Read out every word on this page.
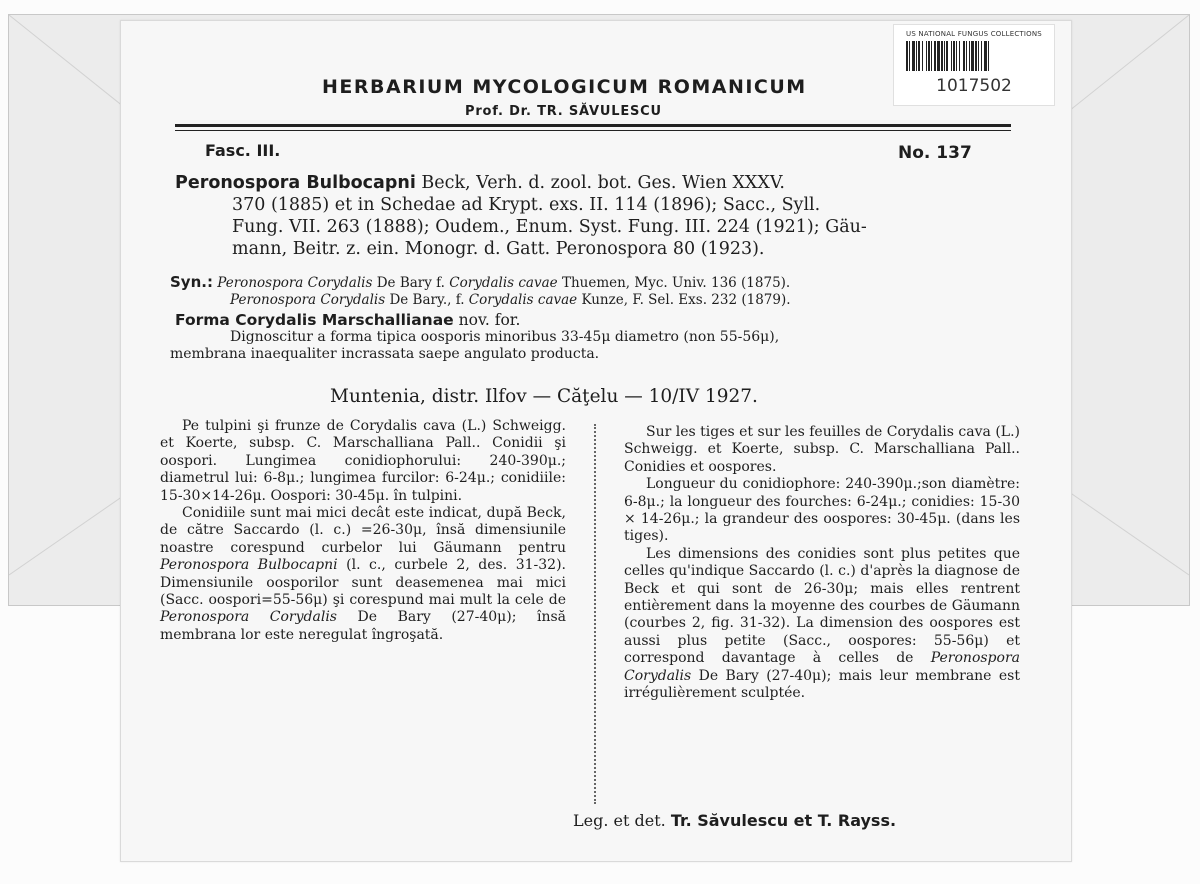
US NATIONAL FUNGUS COLLECTIONS
1017502
HERBARIUM MYCOLOGICUM ROMANICUM
Prof. Dr. TR. SĂVULESCU
Fasc. III.	No. 137
Peronospora Bulbocapni Beck, Verh. d. zool. bot. Ges. Wien XXXV.
370 (1885) et in Schedae ad Krypt. exs. II. 114 (1896); Sacc., Syll.
Fung. VII. 263 (1888); Oudem., Enum. Syst. Fung. III. 224 (1921); Gäu-
mann, Beitr. z. ein. Monogr. d. Gatt. Peronospora 80 (1923).
Syn.: Peronospora Corydalis De Bary f. Corydalis cavae Thuemen, Myc. Univ. 136 (1875).
Peronospora Corydalis De Bary., f. Corydalis cavae Kunze, F. Sel. Exs. 232 (1879).
Forma Corydalis Marschallianae nov. for.
Dignoscitur a forma tipica oosporis minoribus 33-45μ diametro (non 55-56μ),
membrana inaequaliter incrassata saepe angulato producta.
Muntenia, distr. Ilfov — Căţelu — 10/IV 1927.

Pe tulpini şi frunze de Corydalis cava (L.) Schweigg. et Koerte, subsp. C. Marschalliana Pall.. Conidii şi oospori. Lungimea conidiophorului: 240-390μ.; diametrul lui: 6-8μ.; lungimea furcilor: 6-24μ.; conidiile: 15-30×14-26μ. Oospori: 30-45μ. în tulpini.

Conidiile sunt mai mici decât este indicat, după Beck, de către Saccardo (l. c.) =26-30μ, însă dimensiunile noastre corespund curbelor lui Gäumann pentru Peronospora Bulbocapni (l. c., curbele 2, des. 31-32). Dimensiunile oosporilor sunt deasemenea mai mici (Sacc. oospori=55-56μ) şi corespund mai mult la cele de Peronospora Corydalis De Bary (27-40μ); însă membrana lor este neregulat îngroşată.

Sur les tiges et sur les feuilles de Corydalis cava (L.) Schweigg. et Koerte, subsp. C. Marschalliana Pall.. Conidies et oospores.

Longueur du conidiophore: 240-390μ.;son diamètre: 6-8μ.; la longueur des fourches: 6-24μ.; conidies: 15-30 × 14-26μ.; la grandeur des oospores: 30-45μ. (dans les tiges).

Les dimensions des conidies sont plus petites que celles qu'indique Saccardo (l. c.) d'après la diagnose de Beck et qui sont de 26-30μ; mais elles rentrent entièrement dans la moyenne des courbes de Gäumann (courbes 2, fig. 31-32). La dimension des oospores est aussi plus petite (Sacc., oospores: 55-56μ) et correspond davantage à celles de Peronospora Corydalis De Bary (27-40μ); mais leur membrane est irrégulièrement sculptée.

Leg. et det. Tr. Săvulescu et T. Rayss.
